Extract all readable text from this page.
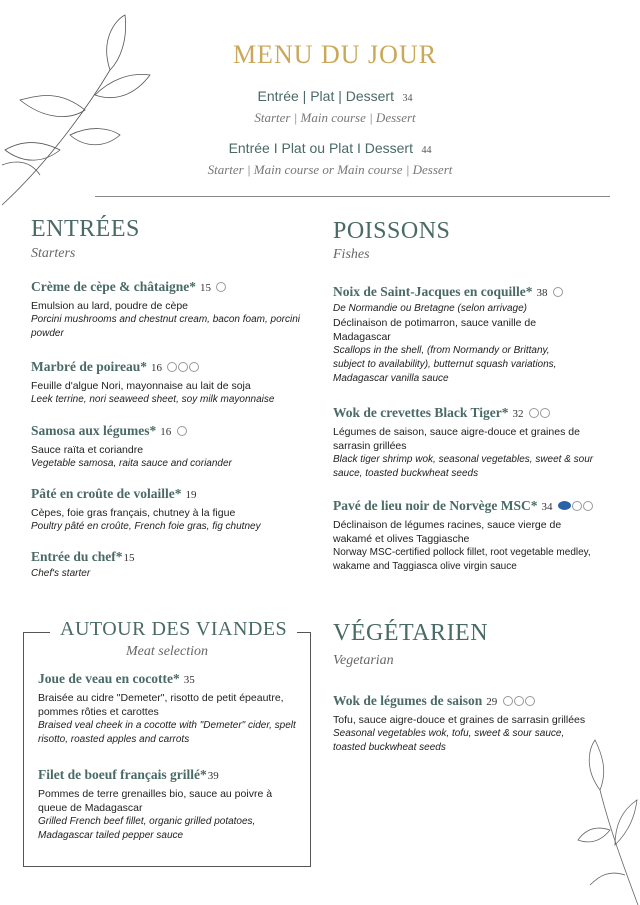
MENU DU JOUR
Entrée | Plat | Dessert 34
Starter | Main course | Dessert
Entrée I Plat ou Plat I Dessert 44
Starter | Main course or Main course | Dessert
ENTRÉES
Starters
Crème de cèpe & châtaigne* 15
Emulsion au lard, poudre de cèpe
Porcini mushrooms and chestnut cream, bacon foam, porcini powder
Marbré de poireau* 16
Feuille d'algue Nori, mayonnaise au lait de soja
Leek terrine, nori seaweed sheet, soy milk mayonnaise
Samosa aux légumes* 16
Sauce raïta et coriandre
Vegetable samosa, raita sauce and coriander
Pâté en croûte de volaille* 19
Cèpes, foie gras français, chutney à la figue
Poultry pâté en croûte, French foie gras, fig chutney
Entrée du chef*15
Chef's starter
POISSONS
Fishes
Noix de Saint-Jacques en coquille* 38
De Normandie ou Bretagne (selon arrivage)
Déclinaison de potimarron, sauce vanille de Madagascar
Scallops in the shell, (from Normandy or Brittany, subject to availability), butternut squash variations, Madagascar vanilla sauce
Wok de crevettes Black Tiger* 32
Légumes de saison, sauce aigre-douce et graines de sarrasin grillées
Black tiger shrimp wok, seasonal vegetables, sweet & sour sauce, toasted buckwheat seeds
Pavé de lieu noir de Norvège MSC* 34
Déclinaison de légumes racines, sauce vierge de wakamé et olives Taggiasche
Norway MSC-certified pollock fillet, root vegetable medley, wakame and Taggiasca olive virgin sauce
AUTOUR DES VIANDES
Meat selection
Joue de veau en cocotte* 35
Braisée au cidre "Demeter", risotto de petit épeautre, pommes rôties et carottes
Braised veal cheek in a cocotte with "Demeter" cider, spelt risotto, roasted apples and carrots
Filet de boeuf français grillé*39
Pommes de terre grenailles bio, sauce au poivre à queue de Madagascar
Grilled French beef fillet, organic grilled potatoes, Madagascar tailed pepper sauce
VÉGÉTARIEN
Vegetarian
Wok de légumes de saison 29
Tofu, sauce aigre-douce et graines de sarrasin grillées
Seasonal vegetables wok, tofu, sweet & sour sauce, toasted buckwheat seeds
